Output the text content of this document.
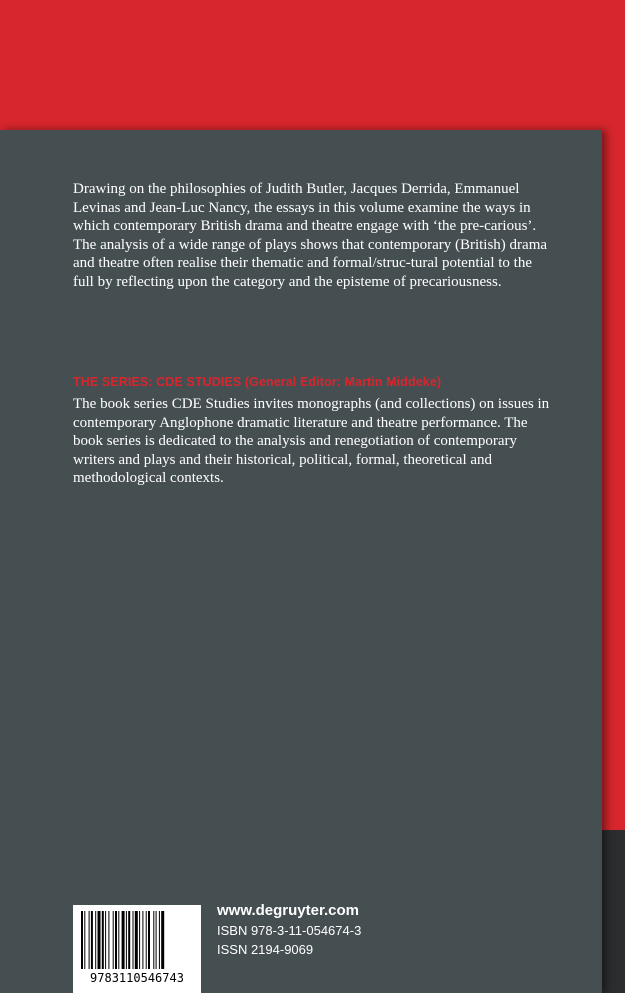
Drawing on the philosophies of Judith Butler, Jacques Derrida, Emmanuel Levinas and Jean-Luc Nancy, the essays in this volume examine the ways in which contemporary British drama and theatre engage with ‘the pre-carious’. The analysis of a wide range of plays shows that contemporary (British) drama and theatre often realise their thematic and formal/struc-tural potential to the full by reflecting upon the category and the episteme of precariousness.

THE SERIES: CDE STUDIES (General Editor: Martin Middeke)

The book series CDE Studies invites monographs (and collections) on issues in contemporary Anglophone dramatic literature and theatre performance. The book series is dedicated to the analysis and renegotiation of contemporary writers and plays and their historical, political, formal, theoretical and methodological contexts.

9783110546743
www.degruyter.com
ISBN 978-3-11-054674-3
ISSN 2194-9069
